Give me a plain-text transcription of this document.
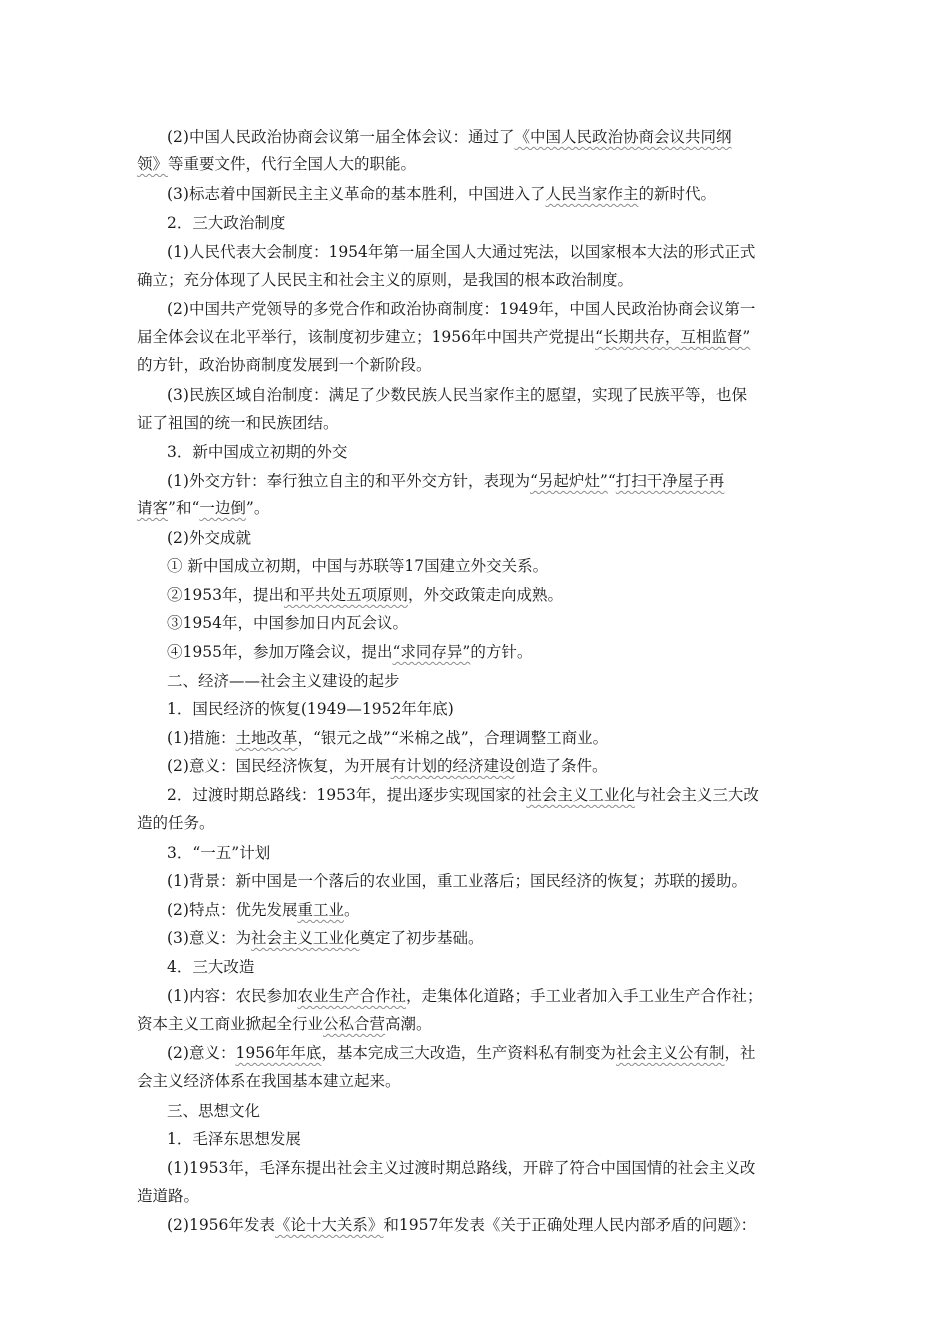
(2)中国人民政治协商会议第一届全体会议：通过了《中国人民政治协商会议共同纲
领》等重要文件，代行全国人大的职能。
(3)标志着中国新民主主义革命的基本胜利，中国进入了人民当家作主的新时代。
2．三大政治制度
(1)人民代表大会制度：1954年第一届全国人大通过宪法，以国家根本大法的形式正式
确立；充分体现了人民民主和社会主义的原则，是我国的根本政治制度。
(2)中国共产党领导的多党合作和政治协商制度：1949年，中国人民政治协商会议第一
届全体会议在北平举行，该制度初步建立；1956年中国共产党提出“长期共存，互相监督”
的方针，政治协商制度发展到一个新阶段。
(3)民族区域自治制度：满足了少数民族人民当家作主的愿望，实现了民族平等，也保
证了祖国的统一和民族团结。
3．新中国成立初期的外交
(1)外交方针：奉行独立自主的和平外交方针，表现为“另起炉灶”“打扫干净屋子再
请客”和“一边倒”。
(2)外交成就
① 新中国成立初期，中国与苏联等17国建立外交关系。
②1953年，提出和平共处五项原则，外交政策走向成熟。
③1954年，中国参加日内瓦会议。
④1955年，参加万隆会议，提出“求同存异”的方针。
二、经济——社会主义建设的起步
1．国民经济的恢复(1949—1952年年底)
(1)措施：土地改革，“银元之战”“米棉之战”，合理调整工商业。
(2)意义：国民经济恢复，为开展有计划的经济建设创造了条件。
2．过渡时期总路线：1953年，提出逐步实现国家的社会主义工业化与社会主义三大改
造的任务。
3．“一五”计划
(1)背景：新中国是一个落后的农业国，重工业落后；国民经济的恢复；苏联的援助。
(2)特点：优先发展重工业。
(3)意义：为社会主义工业化奠定了初步基础。
4．三大改造
(1)内容：农民参加农业生产合作社，走集体化道路；手工业者加入手工业生产合作社；
资本主义工商业掀起全行业公私合营高潮。
(2)意义：1956年年底，基本完成三大改造，生产资料私有制变为社会主义公有制，社
会主义经济体系在我国基本建立起来。
三、思想文化
1．毛泽东思想发展
(1)1953年，毛泽东提出社会主义过渡时期总路线，开辟了符合中国国情的社会主义改
造道路。
(2)1956年发表《论十大关系》和1957年发表《关于正确处理人民内部矛盾的问题》：
